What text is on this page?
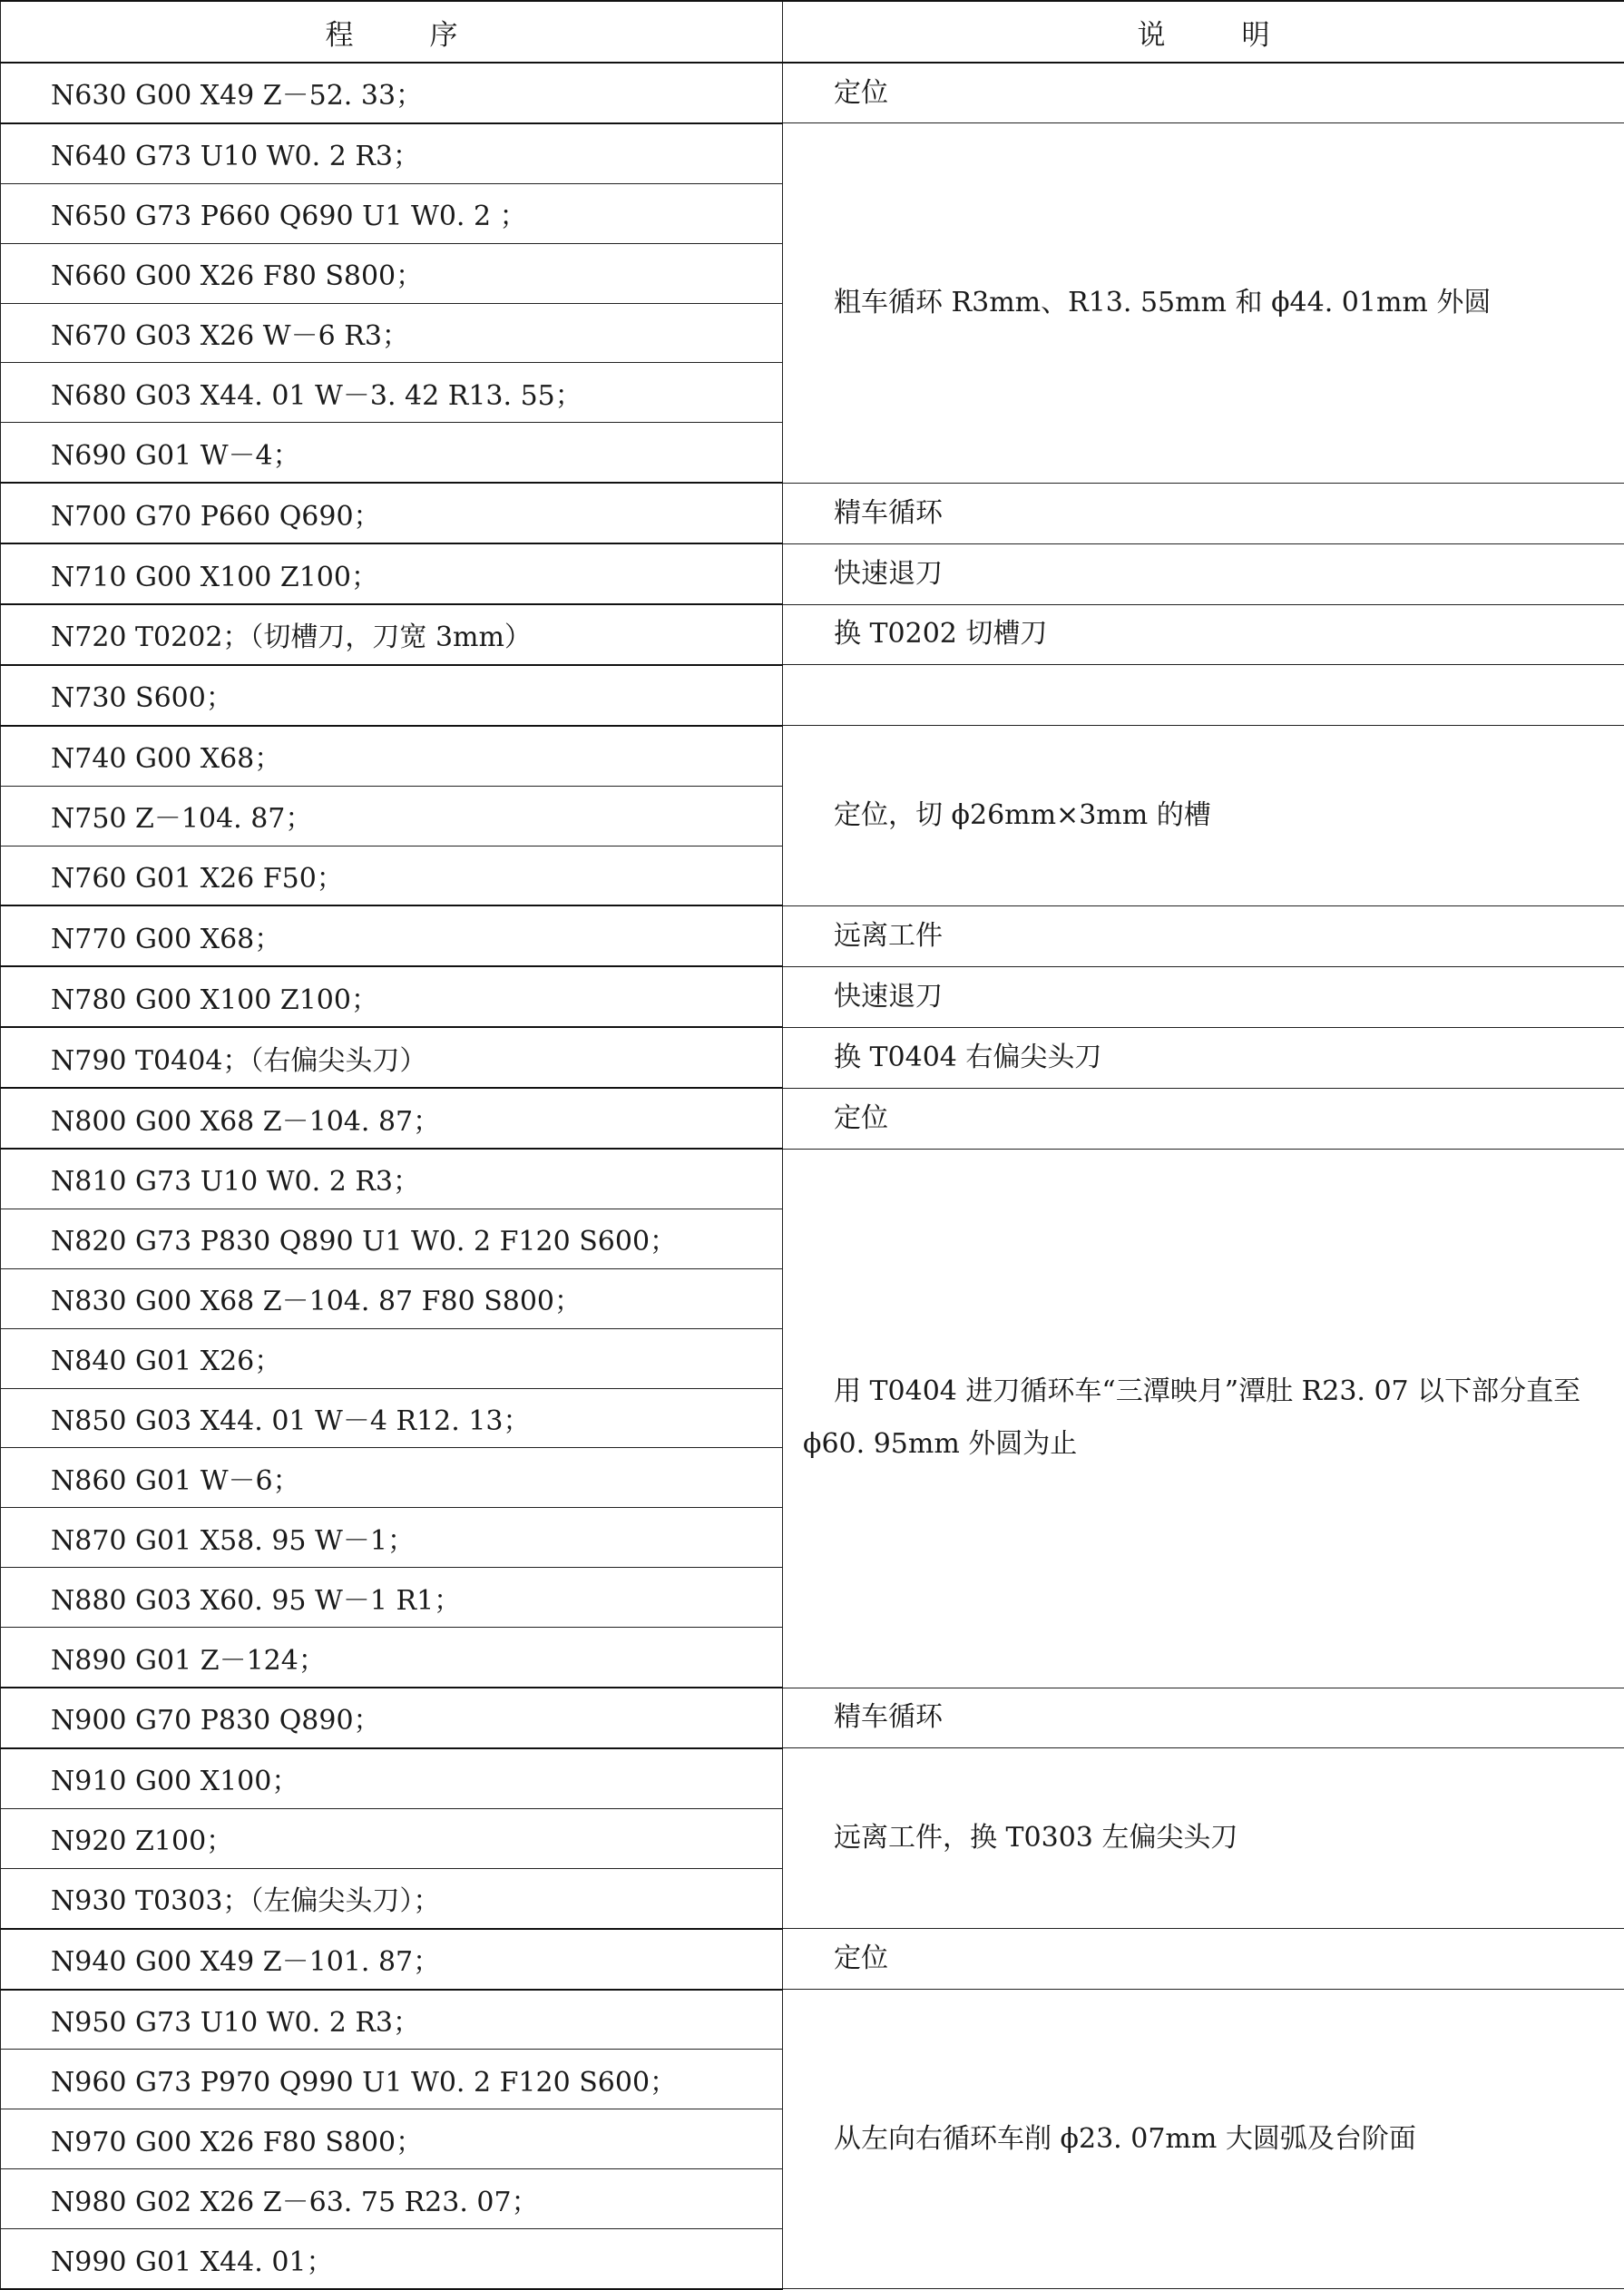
程 序	说 明
N630 G00 X49 Z－52. 33；	定位
N640 G73 U10 W0. 2 R3；	粗车循环 R3mm、R13. 55mm 和 ϕ44. 01mm 外圆
N650 G73 P660 Q690 U1 W0. 2 ；	
N660 G00 X26 F80 S800；	
N670 G03 X26 W－6 R3；	
N680 G03 X44. 01 W－3. 42 R13. 55；	
N690 G01 W－4；	
N700 G70 P660 Q690；	精车循环
N710 G00 X100 Z100；	快速退刀
N720 T0202；（切槽刀，刀宽 3mm）	换 T0202 切槽刀
N730 S600；	
N740 G00 X68；	定位，切 ϕ26mm×3mm 的槽
N750 Z－104. 87；	
N760 G01 X26 F50；	
N770 G00 X68；	远离工件
N780 G00 X100 Z100；	快速退刀
N790 T0404；（右偏尖头刀）	换 T0404 右偏尖头刀
N800 G00 X68 Z－104. 87；	定位
N810 G73 U10 W0. 2 R3；	用 T0404 进刀循环车“三潭映月”潭肚 R23. 07 以下部分直至 ϕ60. 95mm 外圆为止
N820 G73 P830 Q890 U1 W0. 2 F120 S600；	
N830 G00 X68 Z－104. 87 F80 S800；	
N840 G01 X26；	
N850 G03 X44. 01 W－4 R12. 13；	
N860 G01 W－6；	
N870 G01 X58. 95 W－1；	
N880 G03 X60. 95 W－1 R1；	
N890 G01 Z－124；	
N900 G70 P830 Q890；	精车循环
N910 G00 X100；	远离工件，换 T0303 左偏尖头刀
N920 Z100；	
N930 T0303；（左偏尖头刀）；	
N940 G00 X49 Z－101. 87；	定位
N950 G73 U10 W0. 2 R3；	从左向右循环车削 ϕ23. 07mm 大圆弧及台阶面
N960 G73 P970 Q990 U1 W0. 2 F120 S600；	
N970 G00 X26 F80 S800；	
N980 G02 X26 Z－63. 75 R23. 07；	
N990 G01 X44. 01；	
